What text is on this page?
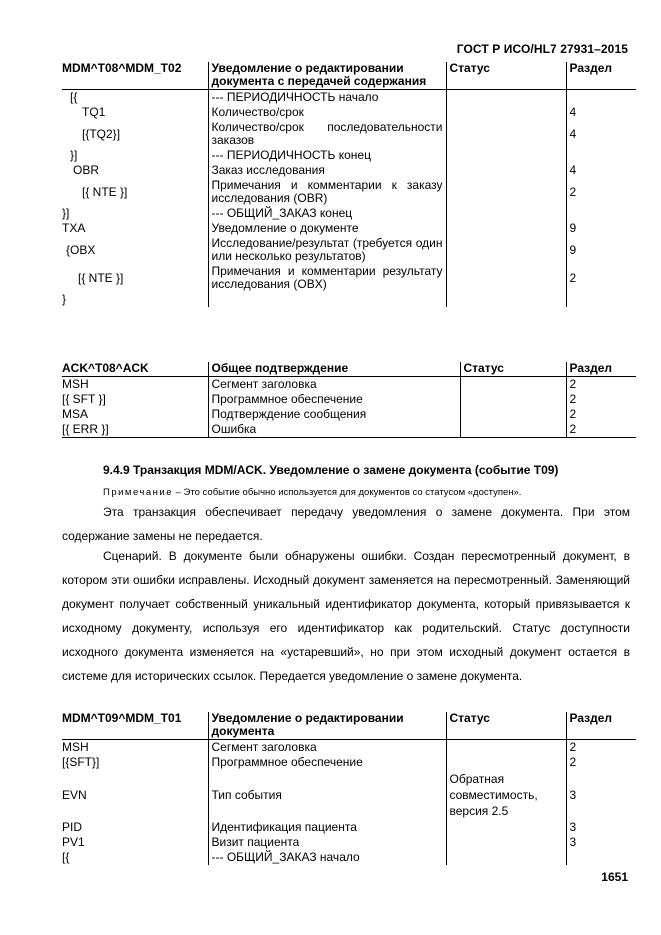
ГОСТ Р ИСО/HL7 27931–2015
MDM^T08^MDM_T02	Уведомление о редактировании документа с передачей содержания	Статус	Раздел
[{	--- ПЕРИОДИЧНОСТЬ начало		
TQ1	Количество/срок		4
[{TQ2}]	Количество/срок последовательности заказов		4
}]	--- ПЕРИОДИЧНОСТЬ конец		
OBR	Заказ исследования		4
[{ NTE }]	Примечания и комментарии к заказу исследования (OBR)		2
}]	--- ОБЩИЙ_ЗАКАЗ конец		
TXA	Уведомление о документе		9
{OBX	Исследование/результат (требуется один или несколько результатов)		9
[{ NTE }]	Примечания и комментарии результату исследования (OBX)		2
}			
ACK^T08^ACK	Общее подтверждение	Статус	Раздел
MSH	Сегмент заголовка		2
[{ SFT }]	Программное обеспечение		2
MSA	Подтверждение сообщения		2
[{ ERR }]	Ошибка		2
9.4.9 Транзакция MDM/ACK. Уведомление о замене документа (событие T09)
Примечание – Это событие обычно используется для документов со статусом «доступен».

Эта транзакция обеспечивает передачу уведомления о замене документа. При этом содержание замены не передается.

Сценарий. В документе были обнаружены ошибки. Создан пересмотренный документ, в котором эти ошибки исправлены. Исходный документ заменяется на пересмотренный. Заменяющий документ получает собственный уникальный идентификатор документа, который привязывается к исходному документу, используя его идентификатор как родительский. Статус доступности исходного документа изменяется на «устаревший», но при этом исходный документ остается в системе для исторических ссылок. Передается уведомление о замене документа.

MDM^T09^MDM_T01	Уведомление о редактировании документа	Статус	Раздел
MSH	Сегмент заголовка		2
[{SFT}]	Программное обеспечение		2
EVN	Тип события	Обратная совместимость, версия 2.5	3
PID	Идентификация пациента		3
PV1	Визит пациента		3
[{	--- ОБЩИЙ_ЗАКАЗ начало		
1651
